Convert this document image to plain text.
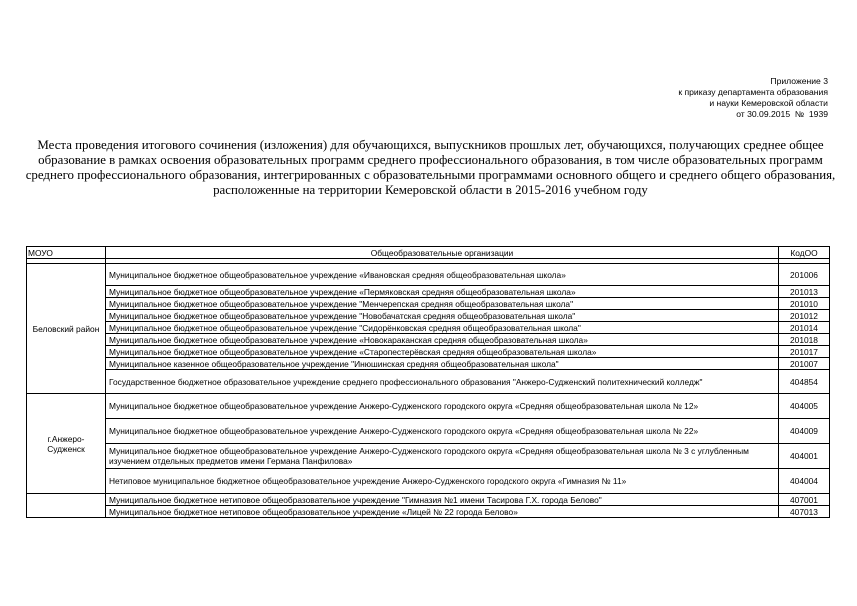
Приложение 3
к приказу департамента образования
и науки Кемеровской области
от 30.09.2015  №  1939
Места проведения итогового сочинения (изложения) для обучающихся, выпускников прошлых лет, обучающихся, получающих среднее общее образование в рамках освоения образовательных программ среднего профессионального образования, в том числе образовательных программ среднего профессионального образования, интегрированных с образовательными программами основного общего и среднего общего образования, расположенные на территории Кемеровской области в 2015-2016 учебном году
МОУО	Общеобразовательные организации	КодОО

Беловский район	Муниципальное бюджетное общеобразовательное учреждение «Ивановская средняя общеобразовательная школа»	201006
	Муниципальное бюджетное общеобразовательное учреждение «Пермяковская средняя общеобразовательная школа»	201013
	Муниципальное бюджетное общеобразовательное учреждение "Менчерепская средняя общеобразовательная школа"	201010
	Муниципальное бюджетное общеобразовательное учреждение "Новобачатская средняя общеобразовательная школа"	201012
	Муниципальное бюджетное общеобразовательное учреждение "Сидорёнковская средняя общеобразовательная школа"	201014
	Муниципальное бюджетное общеобразовательное учреждение «Новокараканская средняя общеобразовательная школа»	201018
	Муниципальное бюджетное общеобразовательное учреждение «Старопестерёвская средняя общеобразовательная школа»	201017
	Муниципальное казенное общеобразовательное учреждение "Инюшинская средняя общеобразовательная школа"	201007
	Государственное бюджетное образовательное учреждение среднего профессионального образования "Анжеро-Судженский политехнический колледж"	404854
г.Анжеро-Судженск	Муниципальное бюджетное общеобразовательное учреждение Анжеро-Судженского городского округа «Средняя общеобразовательная школа № 12»	404005
	Муниципальное бюджетное общеобразовательное учреждение Анжеро-Судженского городского округа «Средняя общеобразовательная школа № 22»	404009
	Муниципальное бюджетное общеобразовательное учреждение Анжеро-Судженского городского округа «Средняя общеобразовательная школа № 3 с углубленным изучением отдельных предметов имени Германа Панфилова»	404001
	Нетиповое муниципальное бюджетное общеобразовательное учреждение Анжеро-Судженского городского округа «Гимназия № 11»	404004
	Муниципальное бюджетное нетиповое общеобразовательное учреждение "Гимназия №1 имени Тасирова Г.Х. города Белово"	407001
	Муниципальное бюджетное нетиповое общеобразовательное учреждение «Лицей № 22 города Белово»	407013
